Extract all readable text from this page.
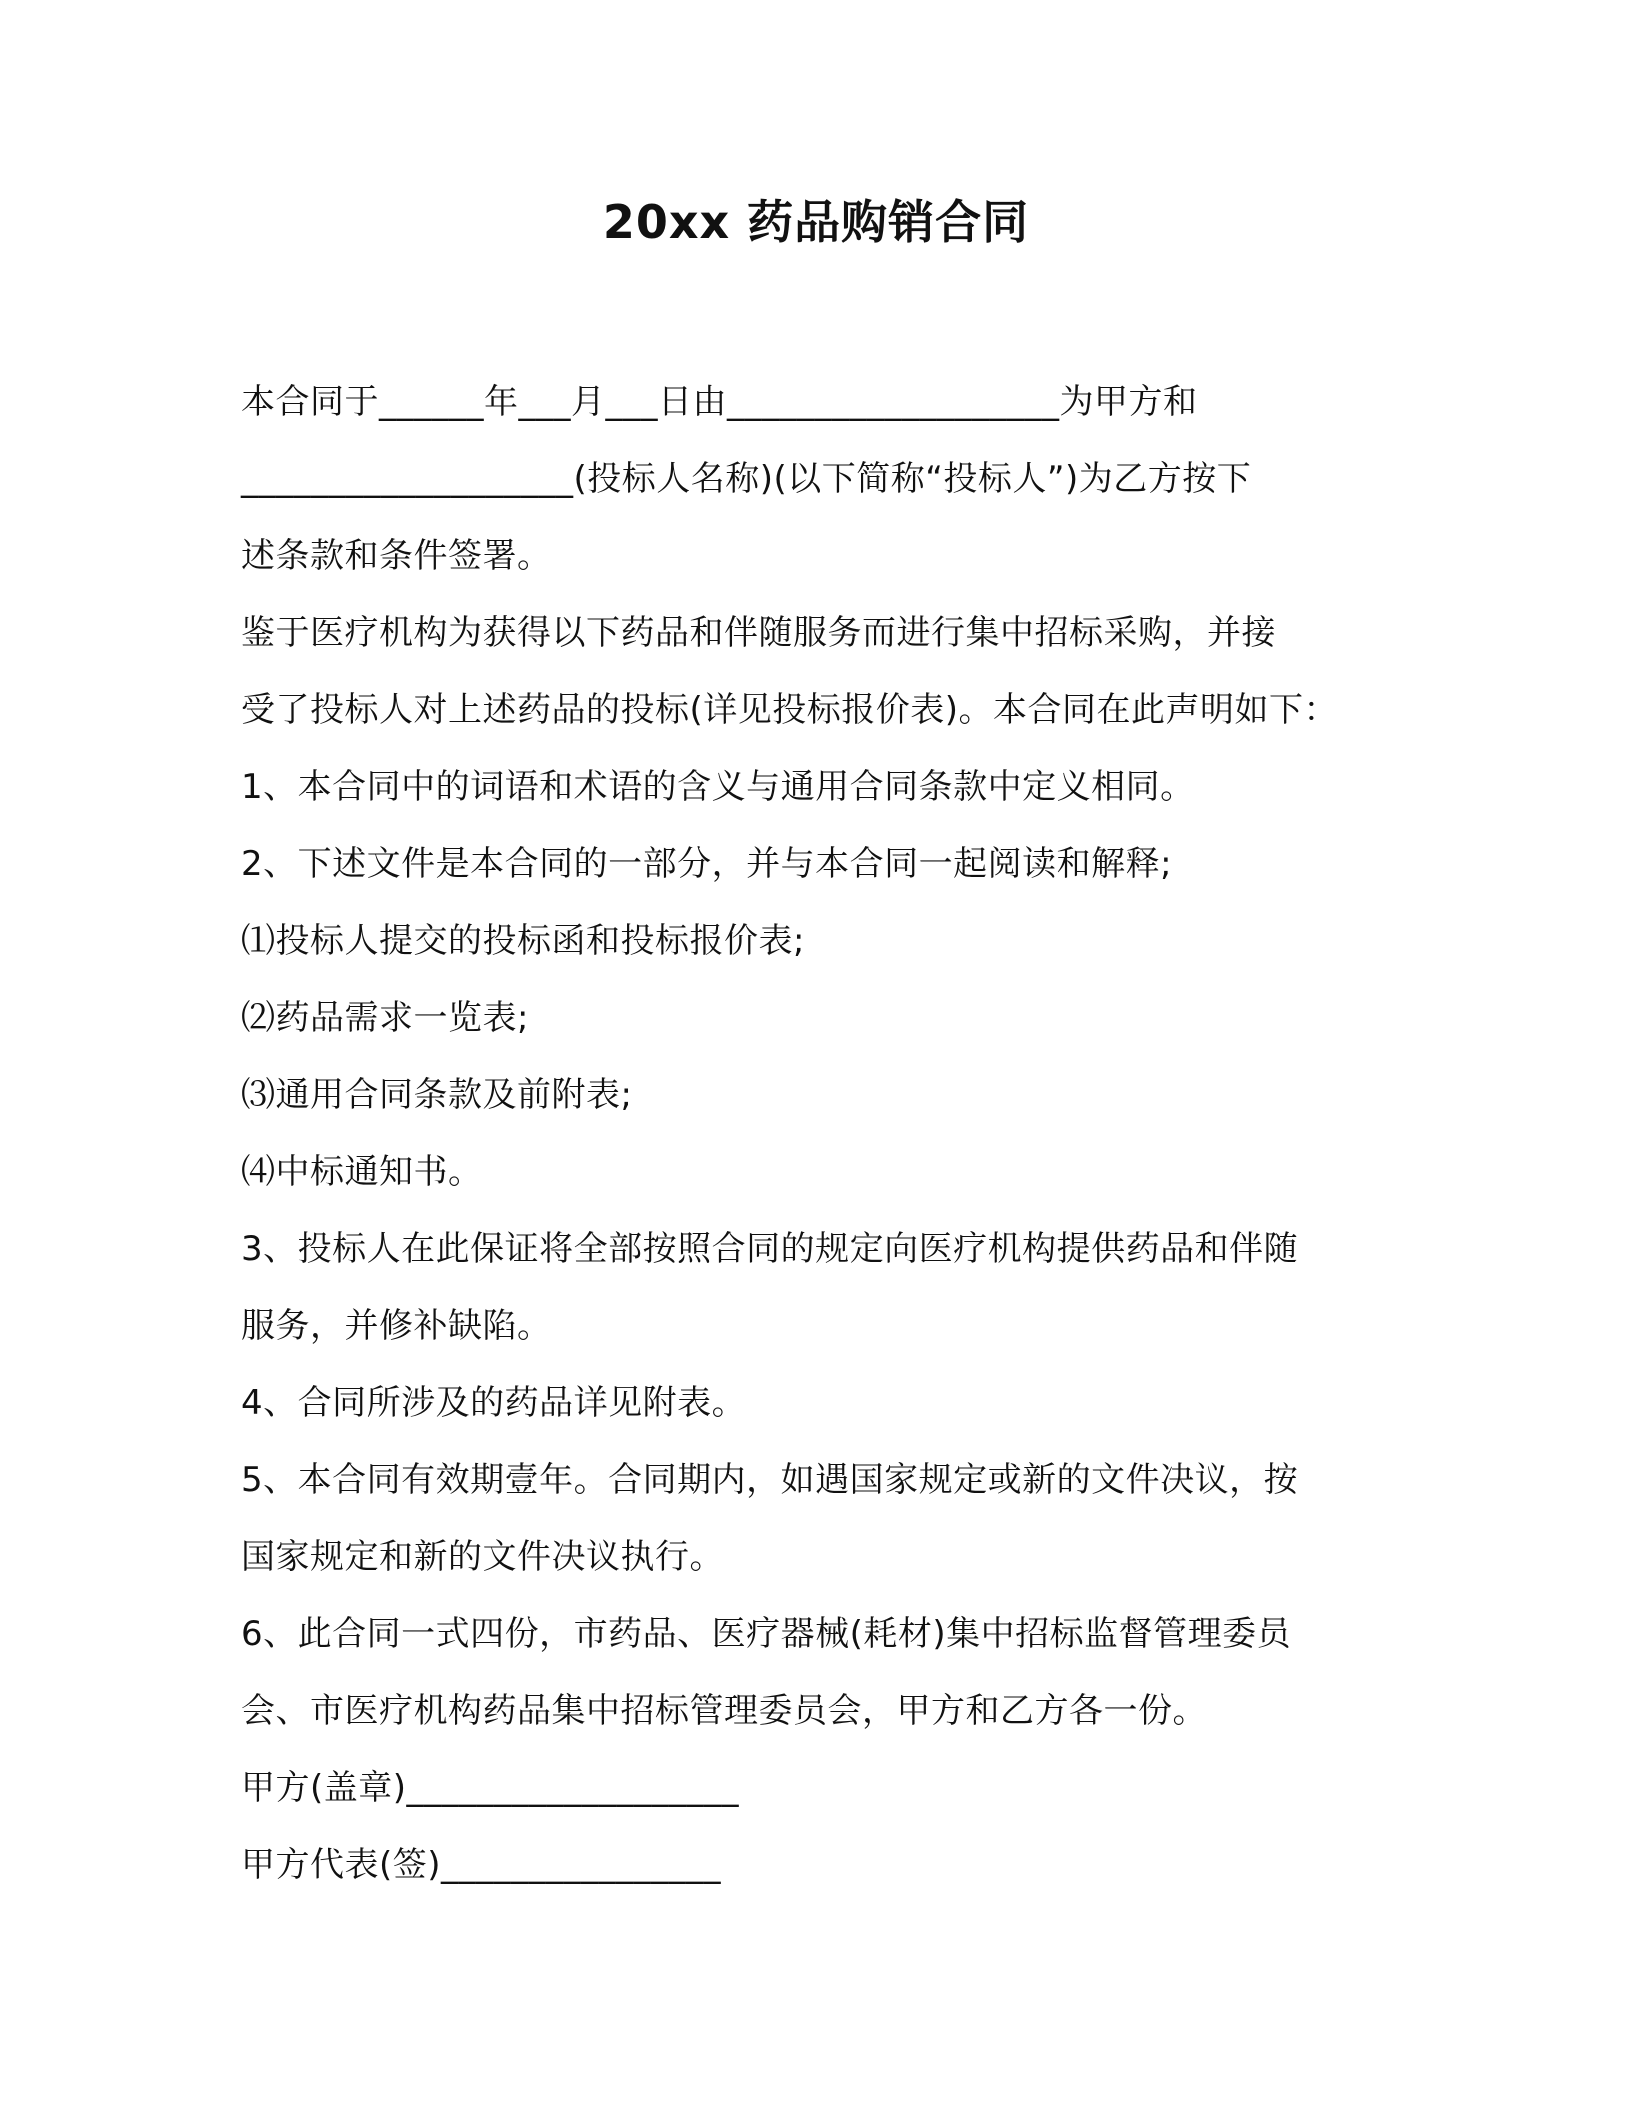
20xx 药品购销合同
本合同于______年___月___日由___________________为甲方和
___________________(投标人名称)(以下简称“投标人”)为乙方按下
述条款和条件签署。
鉴于医疗机构为获得以下药品和伴随服务而进行集中招标采购，并接
受了投标人对上述药品的投标(详见投标报价表)。本合同在此声明如下：
1、本合同中的词语和术语的含义与通用合同条款中定义相同。
2、下述文件是本合同的一部分，并与本合同一起阅读和解释;
⑴投标人提交的投标函和投标报价表;
⑵药品需求一览表;
⑶通用合同条款及前附表;
⑷中标通知书。
3、投标人在此保证将全部按照合同的规定向医疗机构提供药品和伴随
服务，并修补缺陷。
4、合同所涉及的药品详见附表。
5、本合同有效期壹年。合同期内，如遇国家规定或新的文件决议，按
国家规定和新的文件决议执行。
6、此合同一式四份，市药品、医疗器械(耗材)集中招标监督管理委员
会、市医疗机构药品集中招标管理委员会，甲方和乙方各一份。
甲方(盖章)___________________
甲方代表(签)________________
